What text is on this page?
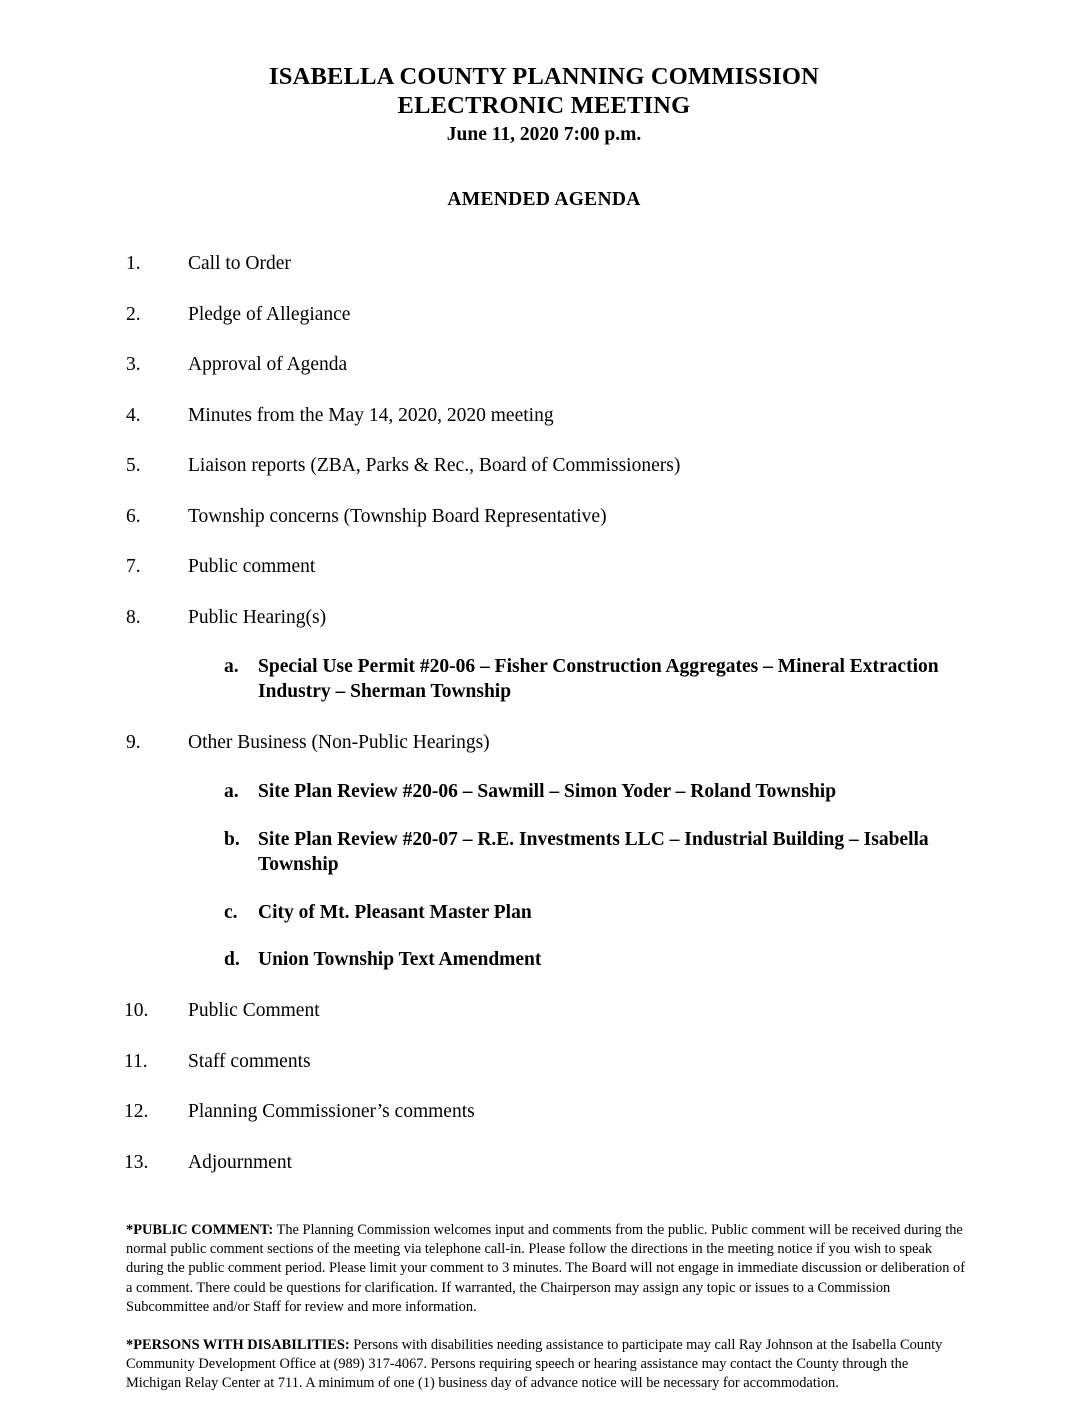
ISABELLA COUNTY PLANNING COMMISSION
ELECTRONIC MEETING
June 11, 2020 7:00 p.m.
AMENDED AGENDA
1.	Call to Order
2.	Pledge of Allegiance
3.	Approval of Agenda
4.	Minutes from the May 14, 2020, 2020 meeting
5.	Liaison reports (ZBA, Parks & Rec., Board of Commissioners)
6.	Township concerns (Township Board Representative)
7.	Public comment
8.	Public Hearing(s)
a. Special Use Permit #20-06 – Fisher Construction Aggregates – Mineral Extraction Industry – Sherman Township
9.	Other Business (Non-Public Hearings)
a. Site Plan Review #20-06 – Sawmill – Simon Yoder – Roland Township
b. Site Plan Review #20-07 – R.E. Investments LLC – Industrial Building – Isabella Township
c. City of Mt. Pleasant Master Plan
d. Union Township Text Amendment
10.	Public Comment
11.	Staff comments
12.	Planning Commissioner’s comments
13.	Adjournment

*PUBLIC COMMENT: The Planning Commission welcomes input and comments from the public. Public comment will be received during the normal public comment sections of the meeting via telephone call-in. Please follow the directions in the meeting notice if you wish to speak during the public comment period. Please limit your comment to 3 minutes. The Board will not engage in immediate discussion or deliberation of a comment. There could be questions for clarification. If warranted, the Chairperson may assign any topic or issues to a Commission Subcommittee and/or Staff for review and more information.

*PERSONS WITH DISABILITIES: Persons with disabilities needing assistance to participate may call Ray Johnson at the Isabella County Community Development Office at (989) 317-4067. Persons requiring speech or hearing assistance may contact the County through the Michigan Relay Center at 711. A minimum of one (1) business day of advance notice will be necessary for accommodation.
